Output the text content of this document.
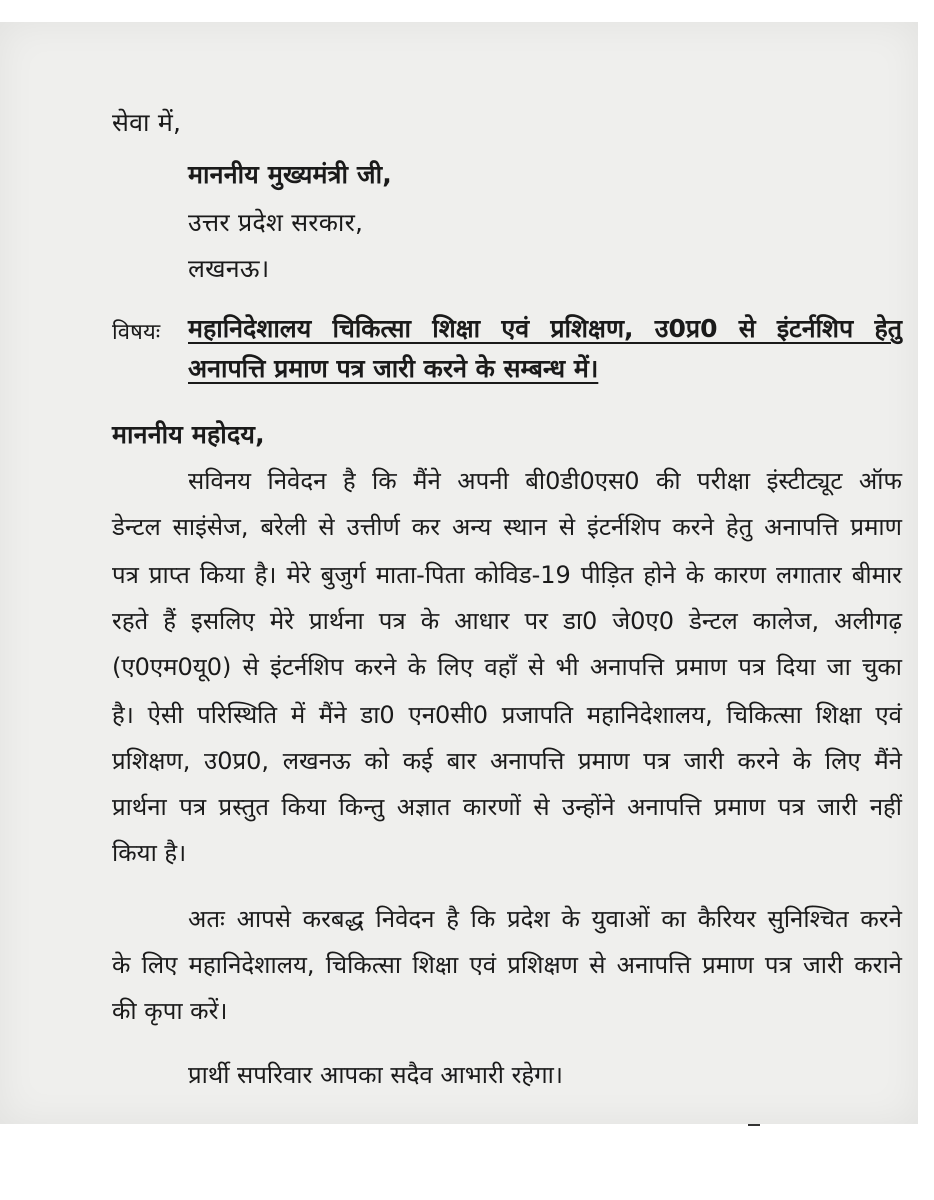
सेवा में,
माननीय मुख्यमंत्री जी,
उत्तर प्रदेश सरकार,
लखनऊ।
विषयः महानिदेशालय चिकित्सा शिक्षा एवं प्रशिक्षण, उ0प्र0 से इंटर्नशिप हेतु
अनापत्ति प्रमाण पत्र जारी करने के सम्बन्ध में।
माननीय महोदय,
सविनय निवेदन है कि मैंने अपनी बी0डी0एस0 की परीक्षा इंस्टीट्यूट ऑफ
डेन्टल साइंसेज, बरेली से उत्तीर्ण कर अन्य स्थान से इंटर्नशिप करने हेतु अनापत्ति प्रमाण
पत्र प्राप्त किया है। मेरे बुजुर्ग माता-पिता कोविड-19 पीड़ित होने के कारण लगातार बीमार
रहते हैं इसलिए मेरे प्रार्थना पत्र के आधार पर डा0 जे0ए0 डेन्टल कालेज, अलीगढ़
(ए0एम0यू0) से इंटर्नशिप करने के लिए वहाँ से भी अनापत्ति प्रमाण पत्र दिया जा चुका
है। ऐसी परिस्थिति में मैंने डा0 एन0सी0 प्रजापति महानिदेशालय, चिकित्सा शिक्षा एवं
प्रशिक्षण, उ0प्र0, लखनऊ को कई बार अनापत्ति प्रमाण पत्र जारी करने के लिए मैंने
प्रार्थना पत्र प्रस्तुत किया किन्तु अज्ञात कारणों से उन्होंने अनापत्ति प्रमाण पत्र जारी नहीं
किया है।
अतः आपसे करबद्ध निवेदन है कि प्रदेश के युवाओं का कैरियर सुनिश्चित करने
के लिए महानिदेशालय, चिकित्सा शिक्षा एवं प्रशिक्षण से अनापत्ति प्रमाण पत्र जारी कराने
की कृपा करें।
प्रार्थी सपरिवार आपका सदैव आभारी रहेगा।
